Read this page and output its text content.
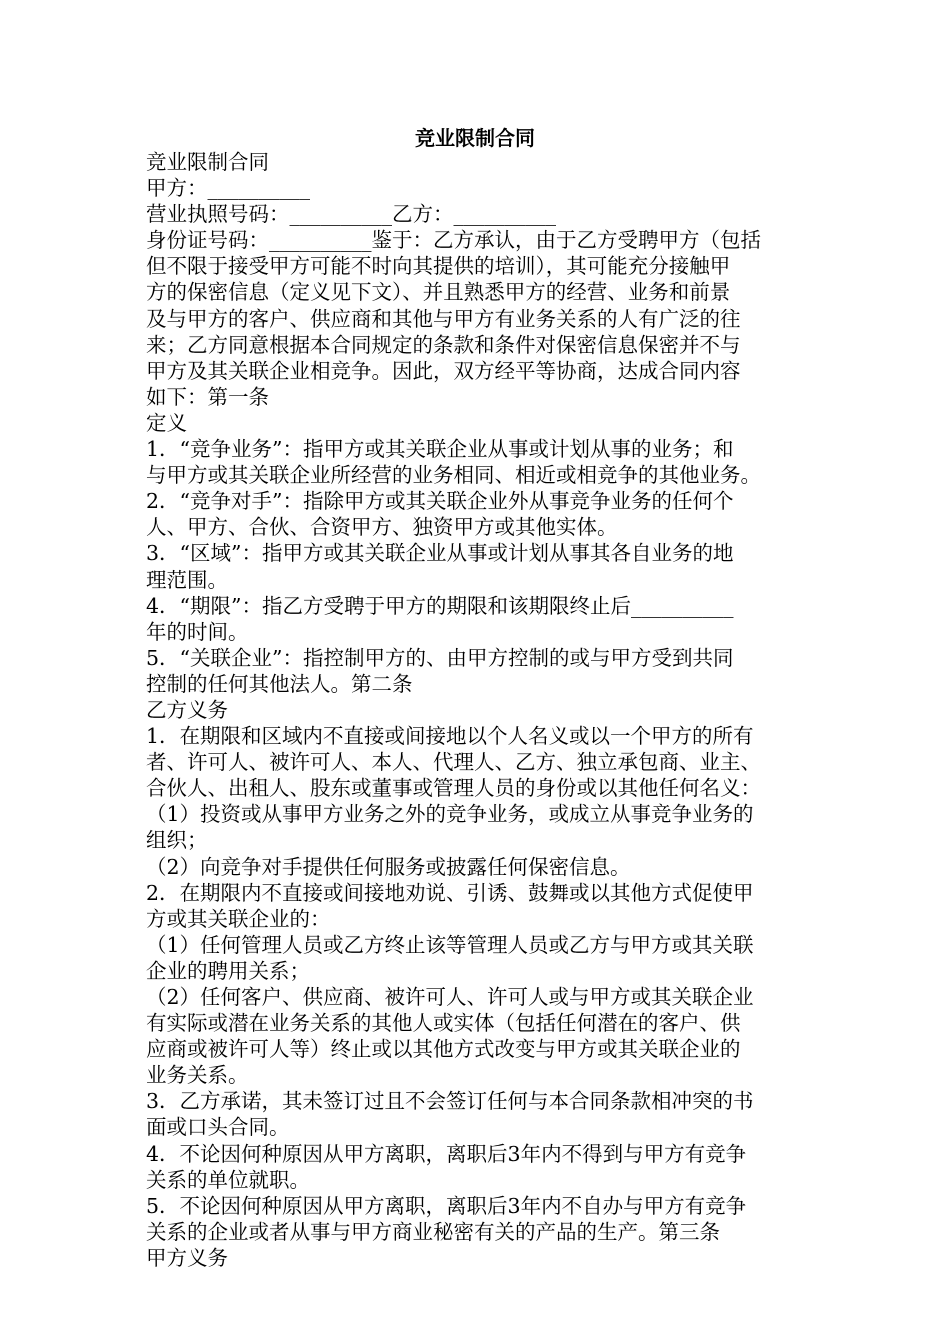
竞业限制合同
竞业限制合同
甲方：__________
营业执照号码：__________乙方：__________
身份证号码：__________鉴于：乙方承认，由于乙方受聘甲方（包括
但不限于接受甲方可能不时向其提供的培训），其可能充分接触甲
方的保密信息（定义见下文）、并且熟悉甲方的经营、业务和前景
及与甲方的客户、供应商和其他与甲方有业务关系的人有广泛的往
来；乙方同意根据本合同规定的条款和条件对保密信息保密并不与
甲方及其关联企业相竞争。因此，双方经平等协商，达成合同内容
如下：第一条
定义
1．“竞争业务”：指甲方或其关联企业从事或计划从事的业务；和
与甲方或其关联企业所经营的业务相同、相近或相竞争的其他业务。
2．“竞争对手”：指除甲方或其关联企业外从事竞争业务的任何个
人、甲方、合伙、合资甲方、独资甲方或其他实体。
3．“区域”：指甲方或其关联企业从事或计划从事其各自业务的地
理范围。
4．“期限”：指乙方受聘于甲方的期限和该期限终止后__________
年的时间。
5．“关联企业”：指控制甲方的、由甲方控制的或与甲方受到共同
控制的任何其他法人。第二条
乙方义务
1．在期限和区域内不直接或间接地以个人名义或以一个甲方的所有
者、许可人、被许可人、本人、代理人、乙方、独立承包商、业主、
合伙人、出租人、股东或董事或管理人员的身份或以其他任何名义：
（1）投资或从事甲方业务之外的竞争业务，或成立从事竞争业务的
组织；
（2）向竞争对手提供任何服务或披露任何保密信息。
2．在期限内不直接或间接地劝说、引诱、鼓舞或以其他方式促使甲
方或其关联企业的：
（1）任何管理人员或乙方终止该等管理人员或乙方与甲方或其关联
企业的聘用关系；
（2）任何客户、供应商、被许可人、许可人或与甲方或其关联企业
有实际或潜在业务关系的其他人或实体（包括任何潜在的客户、供
应商或被许可人等）终止或以其他方式改变与甲方或其关联企业的
业务关系。
3．乙方承诺，其未签订过且不会签订任何与本合同条款相冲突的书
面或口头合同。
4．不论因何种原因从甲方离职，离职后3年内不得到与甲方有竞争
关系的单位就职。
5．不论因何种原因从甲方离职，离职后3年内不自办与甲方有竞争
关系的企业或者从事与甲方商业秘密有关的产品的生产。第三条
甲方义务
